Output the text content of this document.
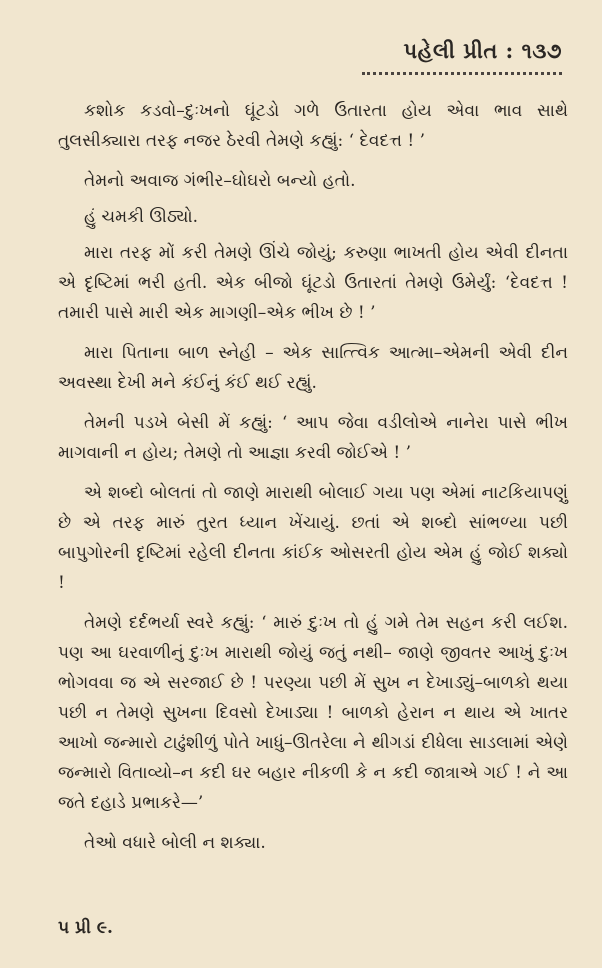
પહેલી પ્રીત : ૧૩૭

કશોક કડવો–દુઃખનો ઘૂંટડો ગળે ઉતારતા હોય એવા ભાવ સાથે તુલસીક્યારા તરફ નજર ઠેરવી તેમણે કહ્યું: ‘ દેવદત્ત ! ’

તેમનો અવાજ ગંભીર–ઘોઘરો બન્યો હતો.

હું ચમકી ઊઠ્યો.

મારા તરફ મોં કરી તેમણે ઊંચે જોયું; કરુણા ભાખતી હોય એવી દીનતા એ દૃષ્ટિમાં ભરી હતી. એક બીજો ઘૂંટડો ઉતારતાં તેમણે ઉમેર્યું: ‘દેવદત્ત ! તમારી પાસે મારી એક માગણી–એક ભીખ છે ! ’

મારા પિતાના બાળ સ્નેહી – એક સાત્ત્વિક આત્મા–એમની એવી દીન અવસ્થા દેખી મને કંઈનું કંઈ થઈ રહ્યું.

તેમની પડખે બેસી મેં કહ્યું: ‘ આપ જેવા વડીલોએ નાનેરા પાસે ભીખ માગવાની ન હોય; તેમણે તો આજ્ઞા કરવી જોઈએ ! ’

એ શબ્દો બોલતાં તો જાણે મારાથી બોલાઈ ગયા પણ એમાં નાટકિયાપણું છે એ તરફ મારું તુરત ધ્યાન ખેંચાયું. છતાં એ શબ્દો સાંભળ્યા પછી બાપુગોરની દૃષ્ટિમાં રહેલી દીનતા કાંઈક ઓસરતી હોય એમ હું જોઈ શક્યો !

તેમણે દર્દભર્યા સ્વરે કહ્યું: ‘ મારું દુઃખ તો હું ગમે તેમ સહન કરી લઈશ. પણ આ ઘરવાળીનું દુઃખ મારાથી જોયું જતું નથી– જાણે જીવતર આખું દુઃખ ભોગવવા જ એ સરજાઈ છે ! પરણ્યા પછી મેં સુખ ન દેખાડ્યું–બાળકો થયા પછી ન તેમણે સુખના દિવસો દેખાડ્યા ! બાળકો હેરાન ન થાય એ ખાતર આખો જન્મારો ટાઢુંશીળું પોતે ખાધું–ઊતરેલા ને થીગડાં દીધેલા સાડલામાં એણે જન્મારો વિતાવ્યો–ન કદી ઘર બહાર નીકળી કે ન કદી જાત્રાએ ગઈ ! ને આ જતે દહાડે પ્રભાકરે—’

તેઓ વધારે બોલી ન શક્યા.

૫ પ્રી ૯.
